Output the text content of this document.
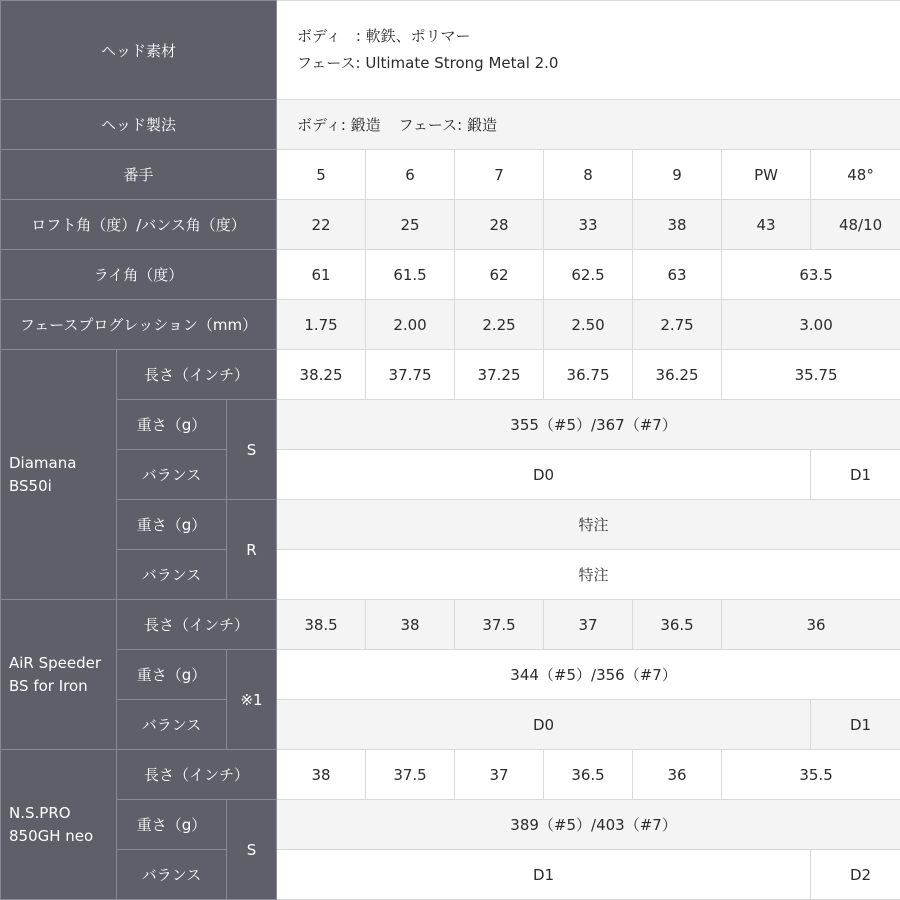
ヘッド素材			ボディ　: 軟鉄、ポリマー
フェース: Ultimate Strong Metal 2.0						

ヘッド製法			ボディ: 鍛造 フェース: 鍛造						
番手			5	6	7	8	9	PW	48°
ロフト角（度）/バンス角（度）			22	25	28	33	38	43	48/10
ライ角（度）			61	61.5	62	62.5	63	63.5	
フェースプログレッション（mm）			1.75	2.00	2.25	2.50	2.75	3.00	
Diamana
BS50i	長さ（インチ）		38.25	37.75	37.25	36.75	36.25	35.75	
	重さ（g）	S	355（#5）/367（#7）						
	バランス		D0						D1
	重さ（g）	R	特注						
	バランス		特注						
AiR Speeder
BS for Iron	長さ（インチ）		38.5	38	37.5	37	36.5	36	
	重さ（g）	※1	344（#5）/356（#7）						
	バランス		D0						D1
N.S.PRO
850GH neo	長さ（インチ）		38	37.5	37	36.5	36	35.5	
	重さ（g）	S	389（#5）/403（#7）						
	バランス		D1						D2
